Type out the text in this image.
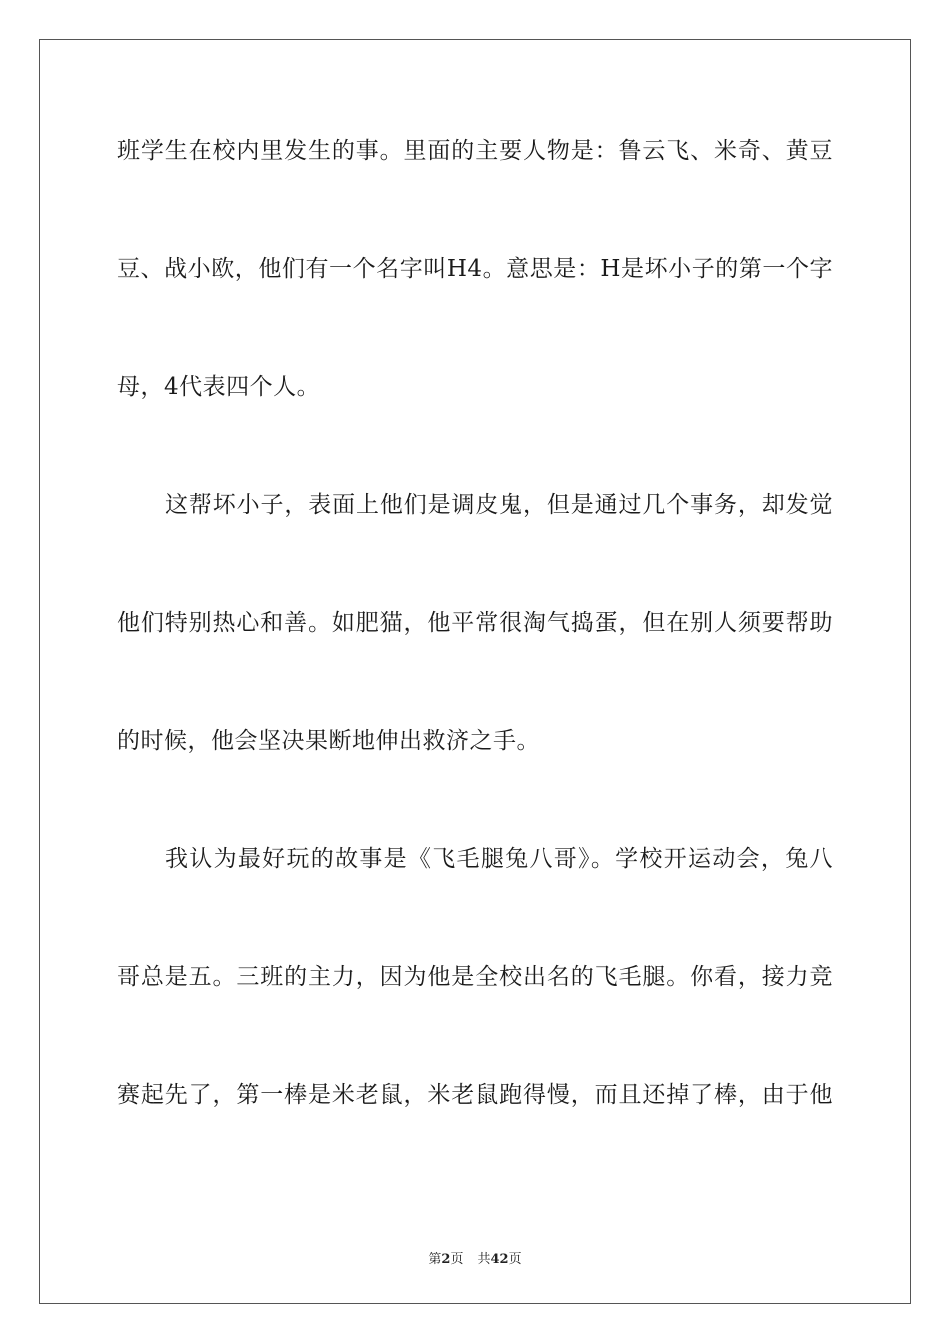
班学生在校内里发生的事。里面的主要人物是：鲁云飞、米奇、黄豆
豆、战小欧，他们有一个名字叫H4。意思是：H是坏小子的第一个字
母，4代表四个人。
这帮坏小子，表面上他们是调皮鬼，但是通过几个事务，却发觉
他们特别热心和善。如肥猫，他平常很淘气捣蛋，但在别人须要帮助
的时候，他会坚决果断地伸出救济之手。
我认为最好玩的故事是《飞毛腿兔八哥》。学校开运动会，兔八
哥总是五。三班的主力，因为他是全校出名的飞毛腿。你看，接力竞
赛起先了，第一棒是米老鼠，米老鼠跑得慢，而且还掉了棒，由于他
第2页 共42页
